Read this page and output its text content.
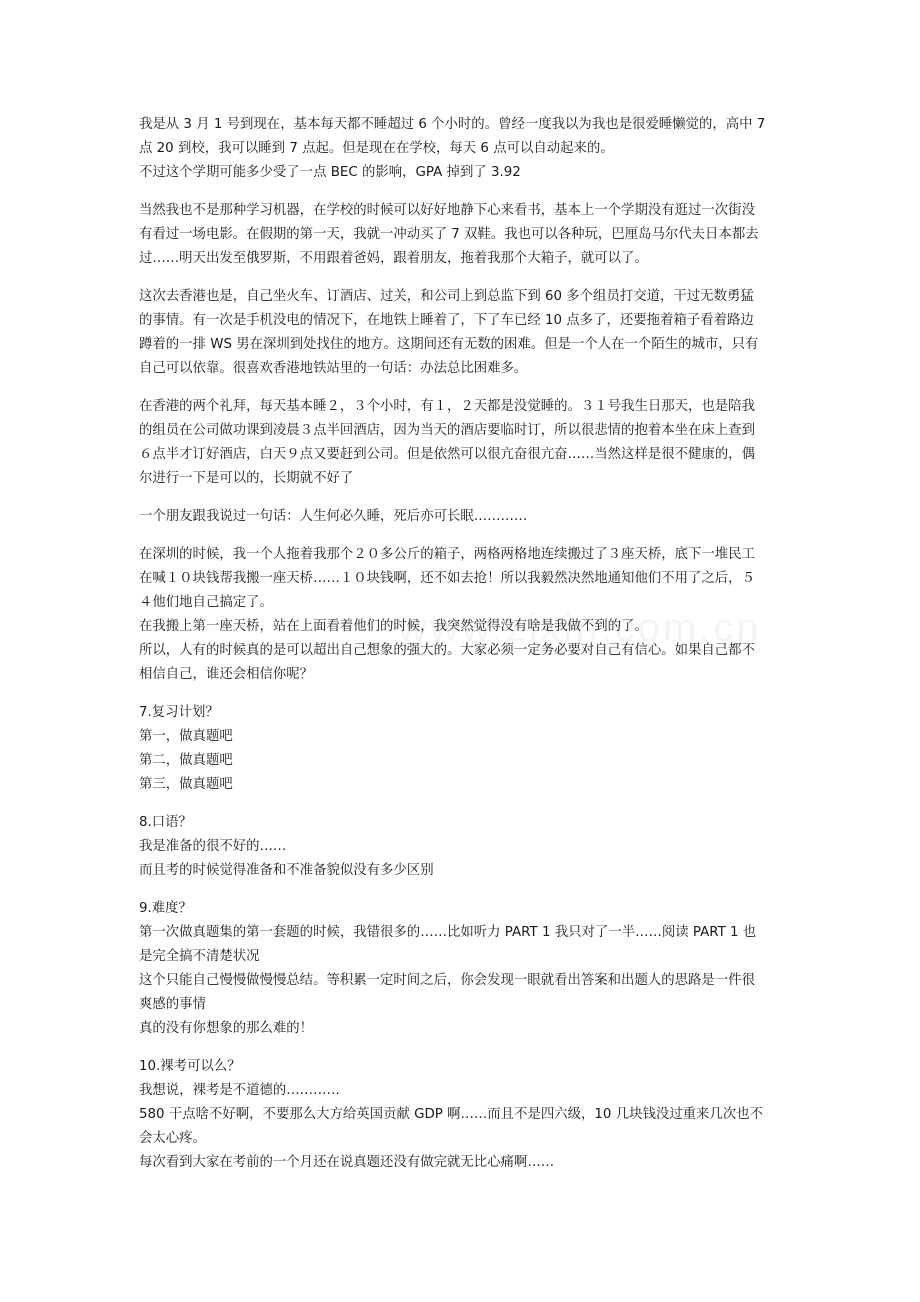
我是从 3 月 1 号到现在，基本每天都不睡超过 6 个小时的。曾经一度我以为我也是很爱睡懒觉的，高中 7
点 20 到校，我可以睡到 7 点起。但是现在在学校，每天 6 点可以自动起来的。
不过这个学期可能多少受了一点 BEC 的影响，GPA 掉到了 3.92
当然我也不是那种学习机器，在学校的时候可以好好地静下心来看书，基本上一个学期没有逛过一次街没
有看过一场电影。在假期的第一天，我就一冲动买了 7 双鞋。我也可以各种玩，巴厘岛马尔代夫日本都去
过……明天出发至俄罗斯，不用跟着爸妈，跟着朋友，拖着我那个大箱子，就可以了。
这次去香港也是，自己坐火车、订酒店、过关，和公司上到总监下到 60 多个组员打交道，干过无数勇猛
的事情。有一次是手机没电的情况下，在地铁上睡着了，下了车已经 10 点多了，还要拖着箱子看着路边
蹲着的一排 WS 男在深圳到处找住的地方。这期间还有无数的困难。但是一个人在一个陌生的城市，只有
自己可以依靠。很喜欢香港地铁站里的一句话：办法总比困难多。
在香港的两个礼拜，每天基本睡２，３个小时，有１，２天都是没觉睡的。３１号我生日那天，也是陪我
的组员在公司做功课到凌晨３点半回酒店，因为当天的酒店要临时订，所以很悲情的抱着本坐在床上查到
６点半才订好酒店，白天９点又要赶到公司。但是依然可以很亢奋很亢奋……当然这样是很不健康的，偶
尔进行一下是可以的，长期就不好了
一个朋友跟我说过一句话：人生何必久睡，死后亦可长眠…………
在深圳的时候，我一个人拖着我那个２０多公斤的箱子，两格两格地连续搬过了３座天桥，底下一堆民工
在喊１０块钱帮我搬一座天桥……１０块钱啊，还不如去抢！所以我毅然决然地通知他们不用了之后，５
４他们地自己搞定了。
在我搬上第一座天桥，站在上面看着他们的时候，我突然觉得没有啥是我做不到的了。
所以，人有的时候真的是可以超出自己想象的强大的。大家必须一定务必要对自己有信心。如果自己都不
相信自己，谁还会相信你呢？
7.复习计划？
第一，做真题吧
第二，做真题吧
第三，做真题吧
8.口语？
我是准备的很不好的……
而且考的时候觉得准备和不准备貌似没有多少区别
9.难度？
第一次做真题集的第一套题的时候，我错很多的……比如听力 PART 1 我只对了一半……阅读 PART 1 也
是完全搞不清楚状况
这个只能自己慢慢做慢慢总结。等积累一定时间之后，你会发现一眼就看出答案和出题人的思路是一件很
爽感的事情
真的没有你想象的那么难的！
10.裸考可以么？
我想说，裸考是不道德的…………
580 干点啥不好啊，不要那么大方给英国贡献 GDP 啊……而且不是四六级，10 几块钱没过重来几次也不
会太心疼。
每次看到大家在考前的一个月还在说真题还没有做完就无比心痛啊……
